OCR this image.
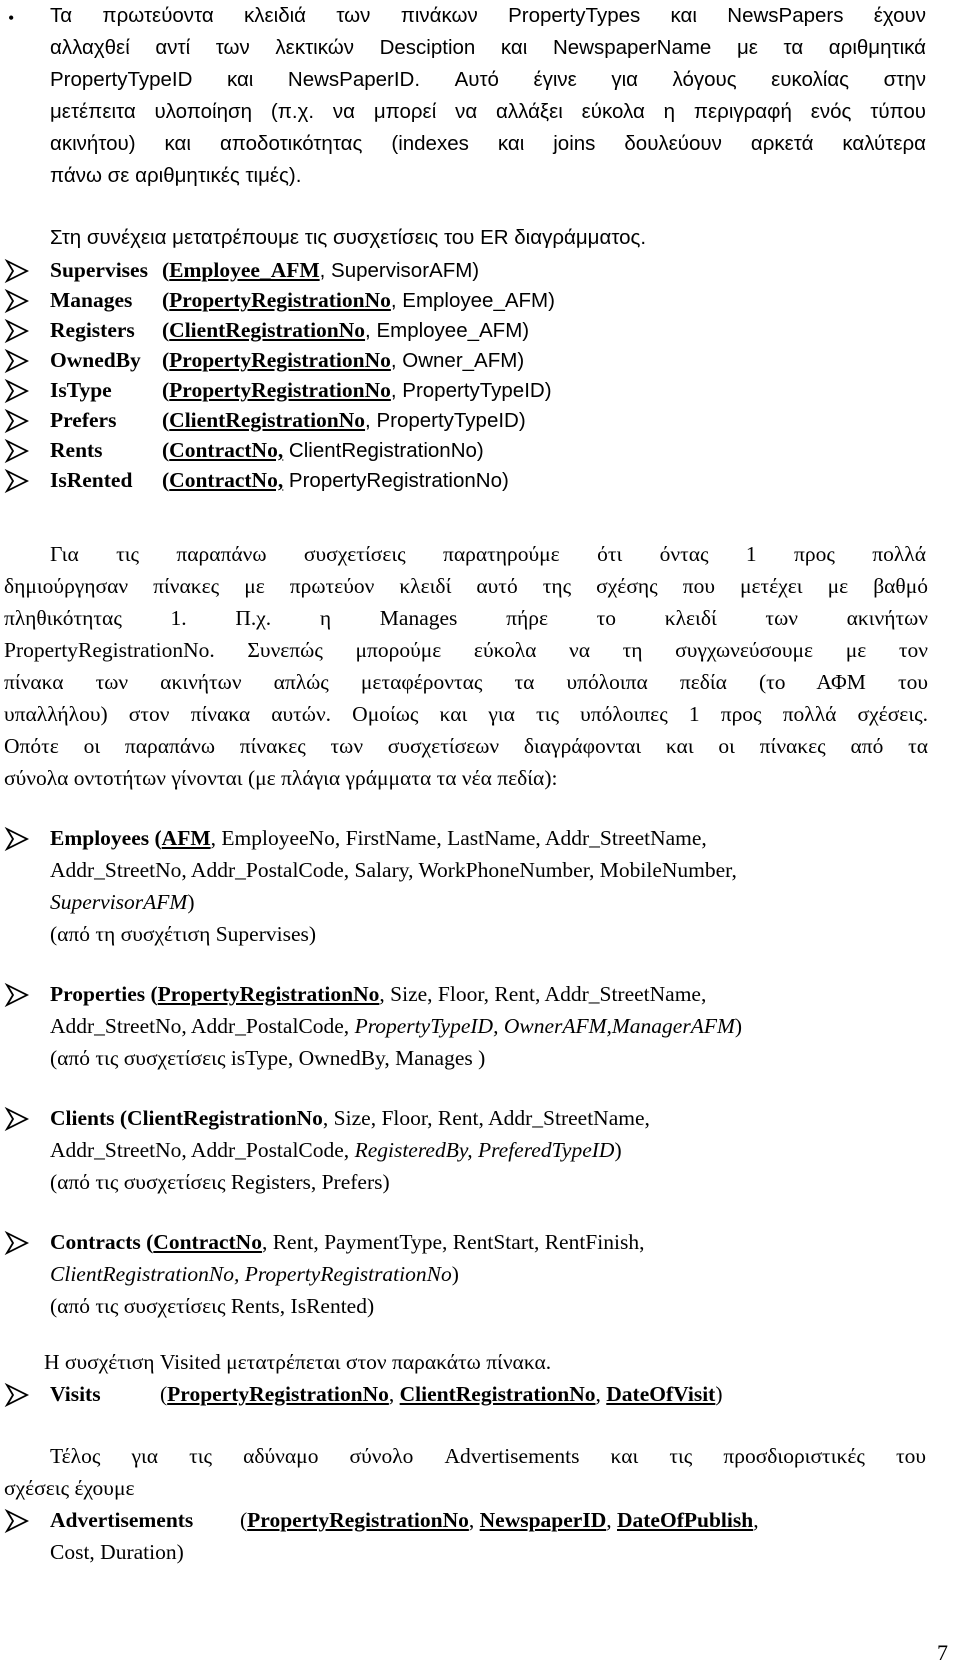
• Τα πρωτεύοντα κλειδιά των πινάκων PropertyTypes και NewsPapers έχουν
αλλαχθεί αντί των λεκτικών Desciption και NewspaperName με τα αριθμητικά
PropertyTypeID και NewsPaperID. Αυτό έγινε για λόγους ευκολίας στην
μετέπειτα υλοποίηση (π.χ. να μπορεί να αλλάξει εύκολα η περιγραφή ενός τύπου
ακινήτου) και αποδοτικότητας (indexes και joins δουλεύουν αρκετά καλύτερα
πάνω σε αριθμητικές τιμές).
Στη συνέχεια μετατρέπουμε τις συσχετίσεις του ER διαγράμματος.
Supervises (Employee_AFM, SupervisorAFM)
Manages (PropertyRegistrationNo, Employee_AFM)
Registers (ClientRegistrationNo, Employee_AFM)
OwnedBy (PropertyRegistrationNo, Owner_AFM)
IsType (PropertyRegistrationNo, PropertyTypeID)
Prefers (ClientRegistrationNo, PropertyTypeID)
Rents	(ContractNo, ClientRegistrationNo)
IsRented (ContractNo, PropertyRegistrationNo)
Για τις παραπάνω συσχετίσεις παρατηρούμε ότι όντας 1 προς πολλά
δημιούργησαν πίνακες με πρωτεύον κλειδί αυτό της σχέσης που μετέχει με βαθμό
πληθικότητας 1. Π.χ. η Manages πήρε το κλειδί των ακινήτων
PropertyRegistrationNo. Συνεπώς μπορούμε εύκολα να τη συγχωνεύσουμε με τον
πίνακα των ακινήτων απλώς μεταφέροντας τα υπόλοιπα πεδία (το ΑΦΜ του
υπαλλήλου) στον πίνακα αυτών. Ομοίως και για τις υπόλοιπες 1 προς πολλά σχέσεις.
Οπότε οι παραπάνω πίνακες των συσχετίσεων διαγράφονται και οι πίνακες από τα
σύνολα οντοτήτων γίνονται (με πλάγια γράμματα τα νέα πεδία):
Employees (AFM, EmployeeNo, FirstName, LastName, Addr_StreetName,
Addr_StreetNo, Addr_PostalCode, Salary, WorkPhoneNumber, MobileNumber,
SupervisorAFM)
(από τη συσχέτιση Supervises)
Properties (PropertyRegistrationNo, Size, Floor, Rent, Addr_StreetName,
Addr_StreetNo, Addr_PostalCode, PropertyTypeID, OwnerAFM,ManagerAFM)
(από τις συσχετίσεις isType, OwnedBy, Manages )
Clients (ClientRegistrationNo, Size, Floor, Rent, Addr_StreetName,
Addr_StreetNo, Addr_PostalCode, RegisteredBy, PreferedTypeID)
(από τις συσχετίσεις Registers, Prefers)
Contracts (ContractNo, Rent, PaymentType, RentStart, RentFinish,
ClientRegistrationNo, PropertyRegistrationNo)
(από τις συσχετίσεις Rents, IsRented)
Η συσχέτιση Visited μετατρέπεται στον παρακάτω πίνακα.
Visits	(PropertyRegistrationNo, ClientRegistrationNo, DateOfVisit)
Τέλος για τις αδύναμο σύνολο Advertisements και τις προσδιοριστικές του
σχέσεις έχουμε
Advertisements (PropertyRegistrationNo, NewspaperID, DateOfPublish,
Cost, Duration)
7
